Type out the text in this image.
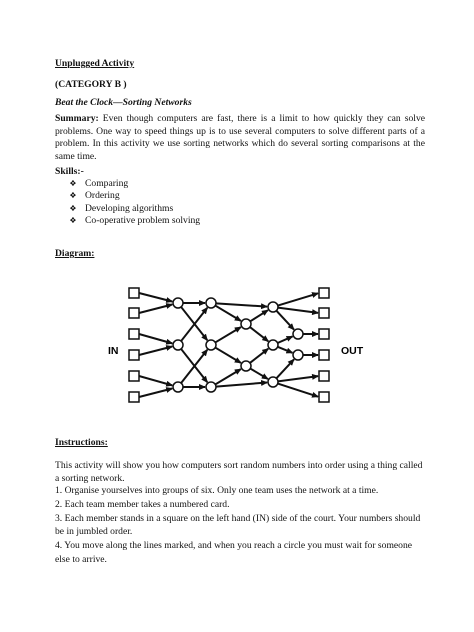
Unplugged Activity
(CATEGORY B )
Beat the Clock—Sorting Networks

Summary: Even though computers are fast, there is a limit to how quickly they can solve problems. One way to speed things up is to use several computers to solve different parts of a problem. In this activity we use sorting networks which do several sorting comparisons at the same time.

Skills:-
❖ Comparing
❖ Ordering
❖ Developing algorithms
❖ Co-operative problem solving
Diagram:
IN	OUT
Instructions:

This activity will show you how computers sort random numbers into order using a thing called a sorting network.

1. Organise yourselves into groups of six. Only one team uses the network at a time.
2. Each team member takes a numbered card.
3. Each member stands in a square on the left hand (IN) side of the court. Your numbers should be in jumbled order.
4. You move along the lines marked, and when you reach a circle you must wait for someone else to arrive.
